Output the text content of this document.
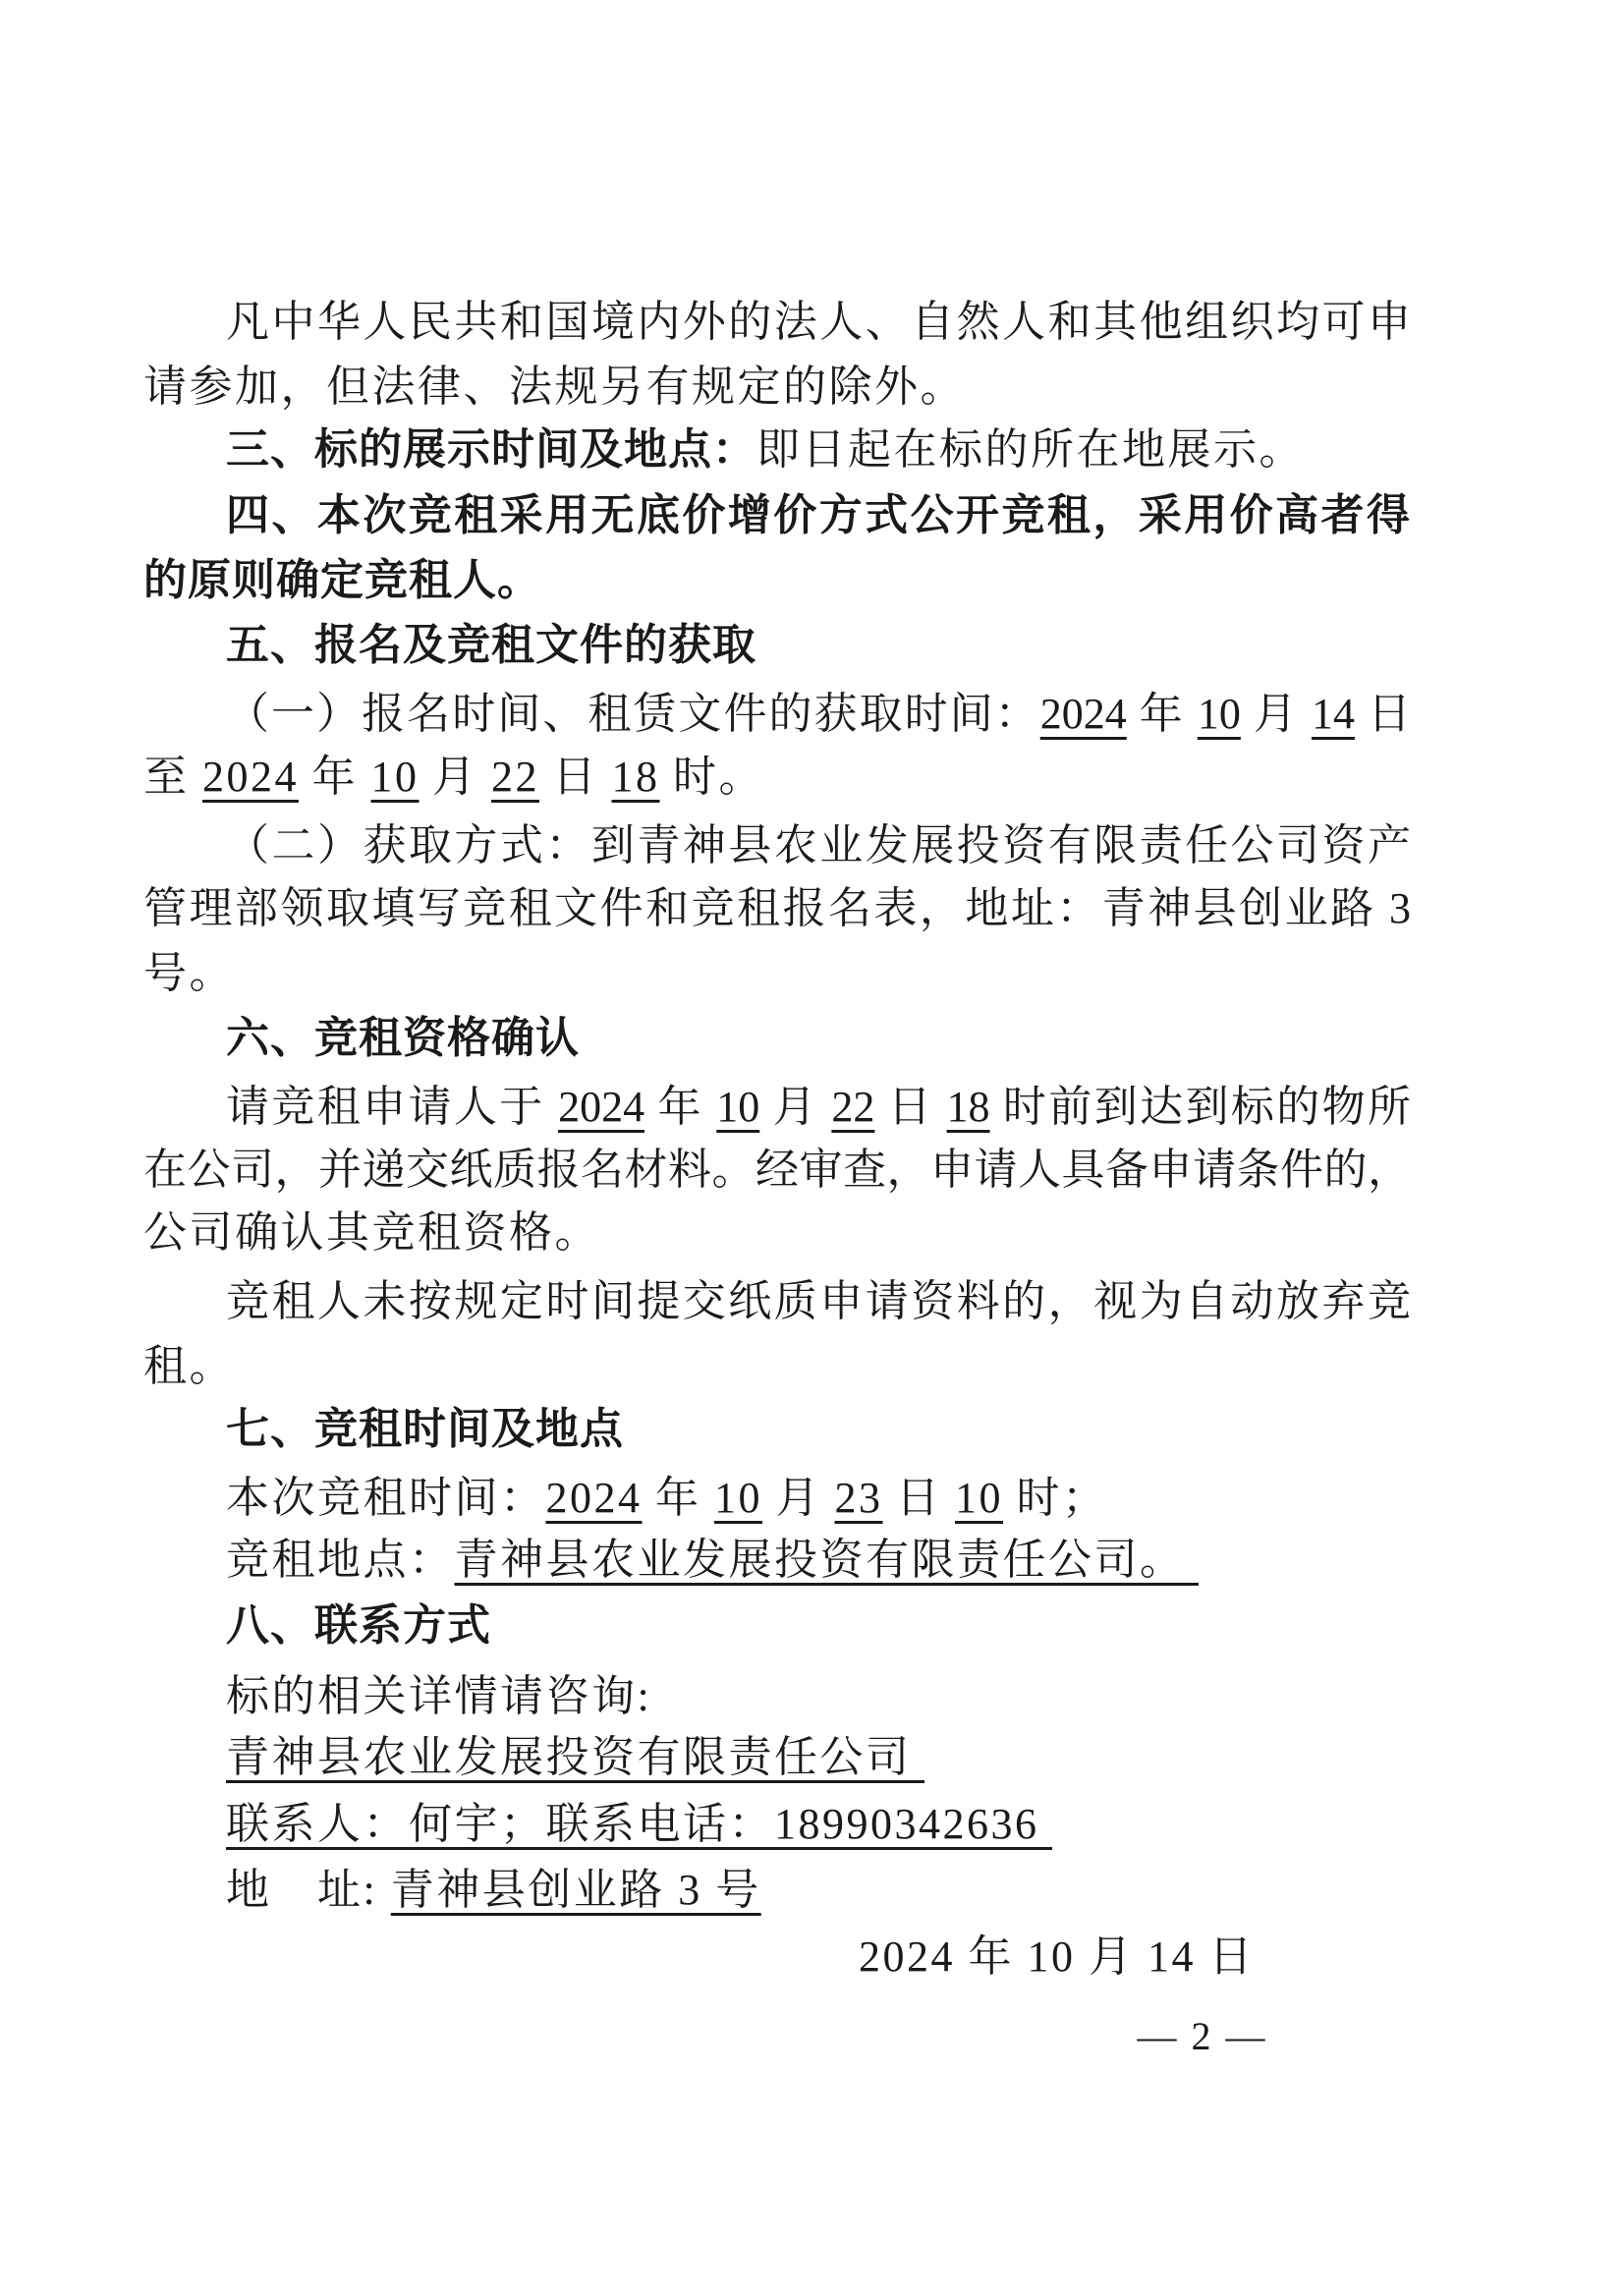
凡中华人民共和国境内外的法人、自然人和其他组织均可申
请参加，但法律、法规另有规定的除外。
三、标的展示时间及地点：即日起在标的所在地展示。
四、本次竞租采用无底价增价方式公开竞租，采用价高者得
的原则确定竞租人。
五、报名及竞租文件的获取
（一）报名时间、租赁文件的获取时间：2024 年 10 月 14 日
至 2024 年 10 月 22 日 18 时。
（二）获取方式：到青神县农业发展投资有限责任公司资产
管理部领取填写竞租文件和竞租报名表，地址：青神县创业路 3
号。
六、竞租资格确认
请竞租申请人于 2024 年 10 月 22 日 18 时前到达到标的物所
在公司，并递交纸质报名材料。经审查，申请人具备申请条件的，
公司确认其竞租资格。
竞租人未按规定时间提交纸质申请资料的，视为自动放弃竞
租。
七、竞租时间及地点
本次竞租时间：2024 年 10 月 23 日 10 时；
竞租地点：青神县农业发展投资有限责任公司。
八、联系方式
标的相关详情请咨询:
青神县农业发展投资有限责任公司
联系人：何宇；联系电话：18990342636
地　址: 青神县创业路 3 号
2024 年 10 月 14 日
— 2 —
